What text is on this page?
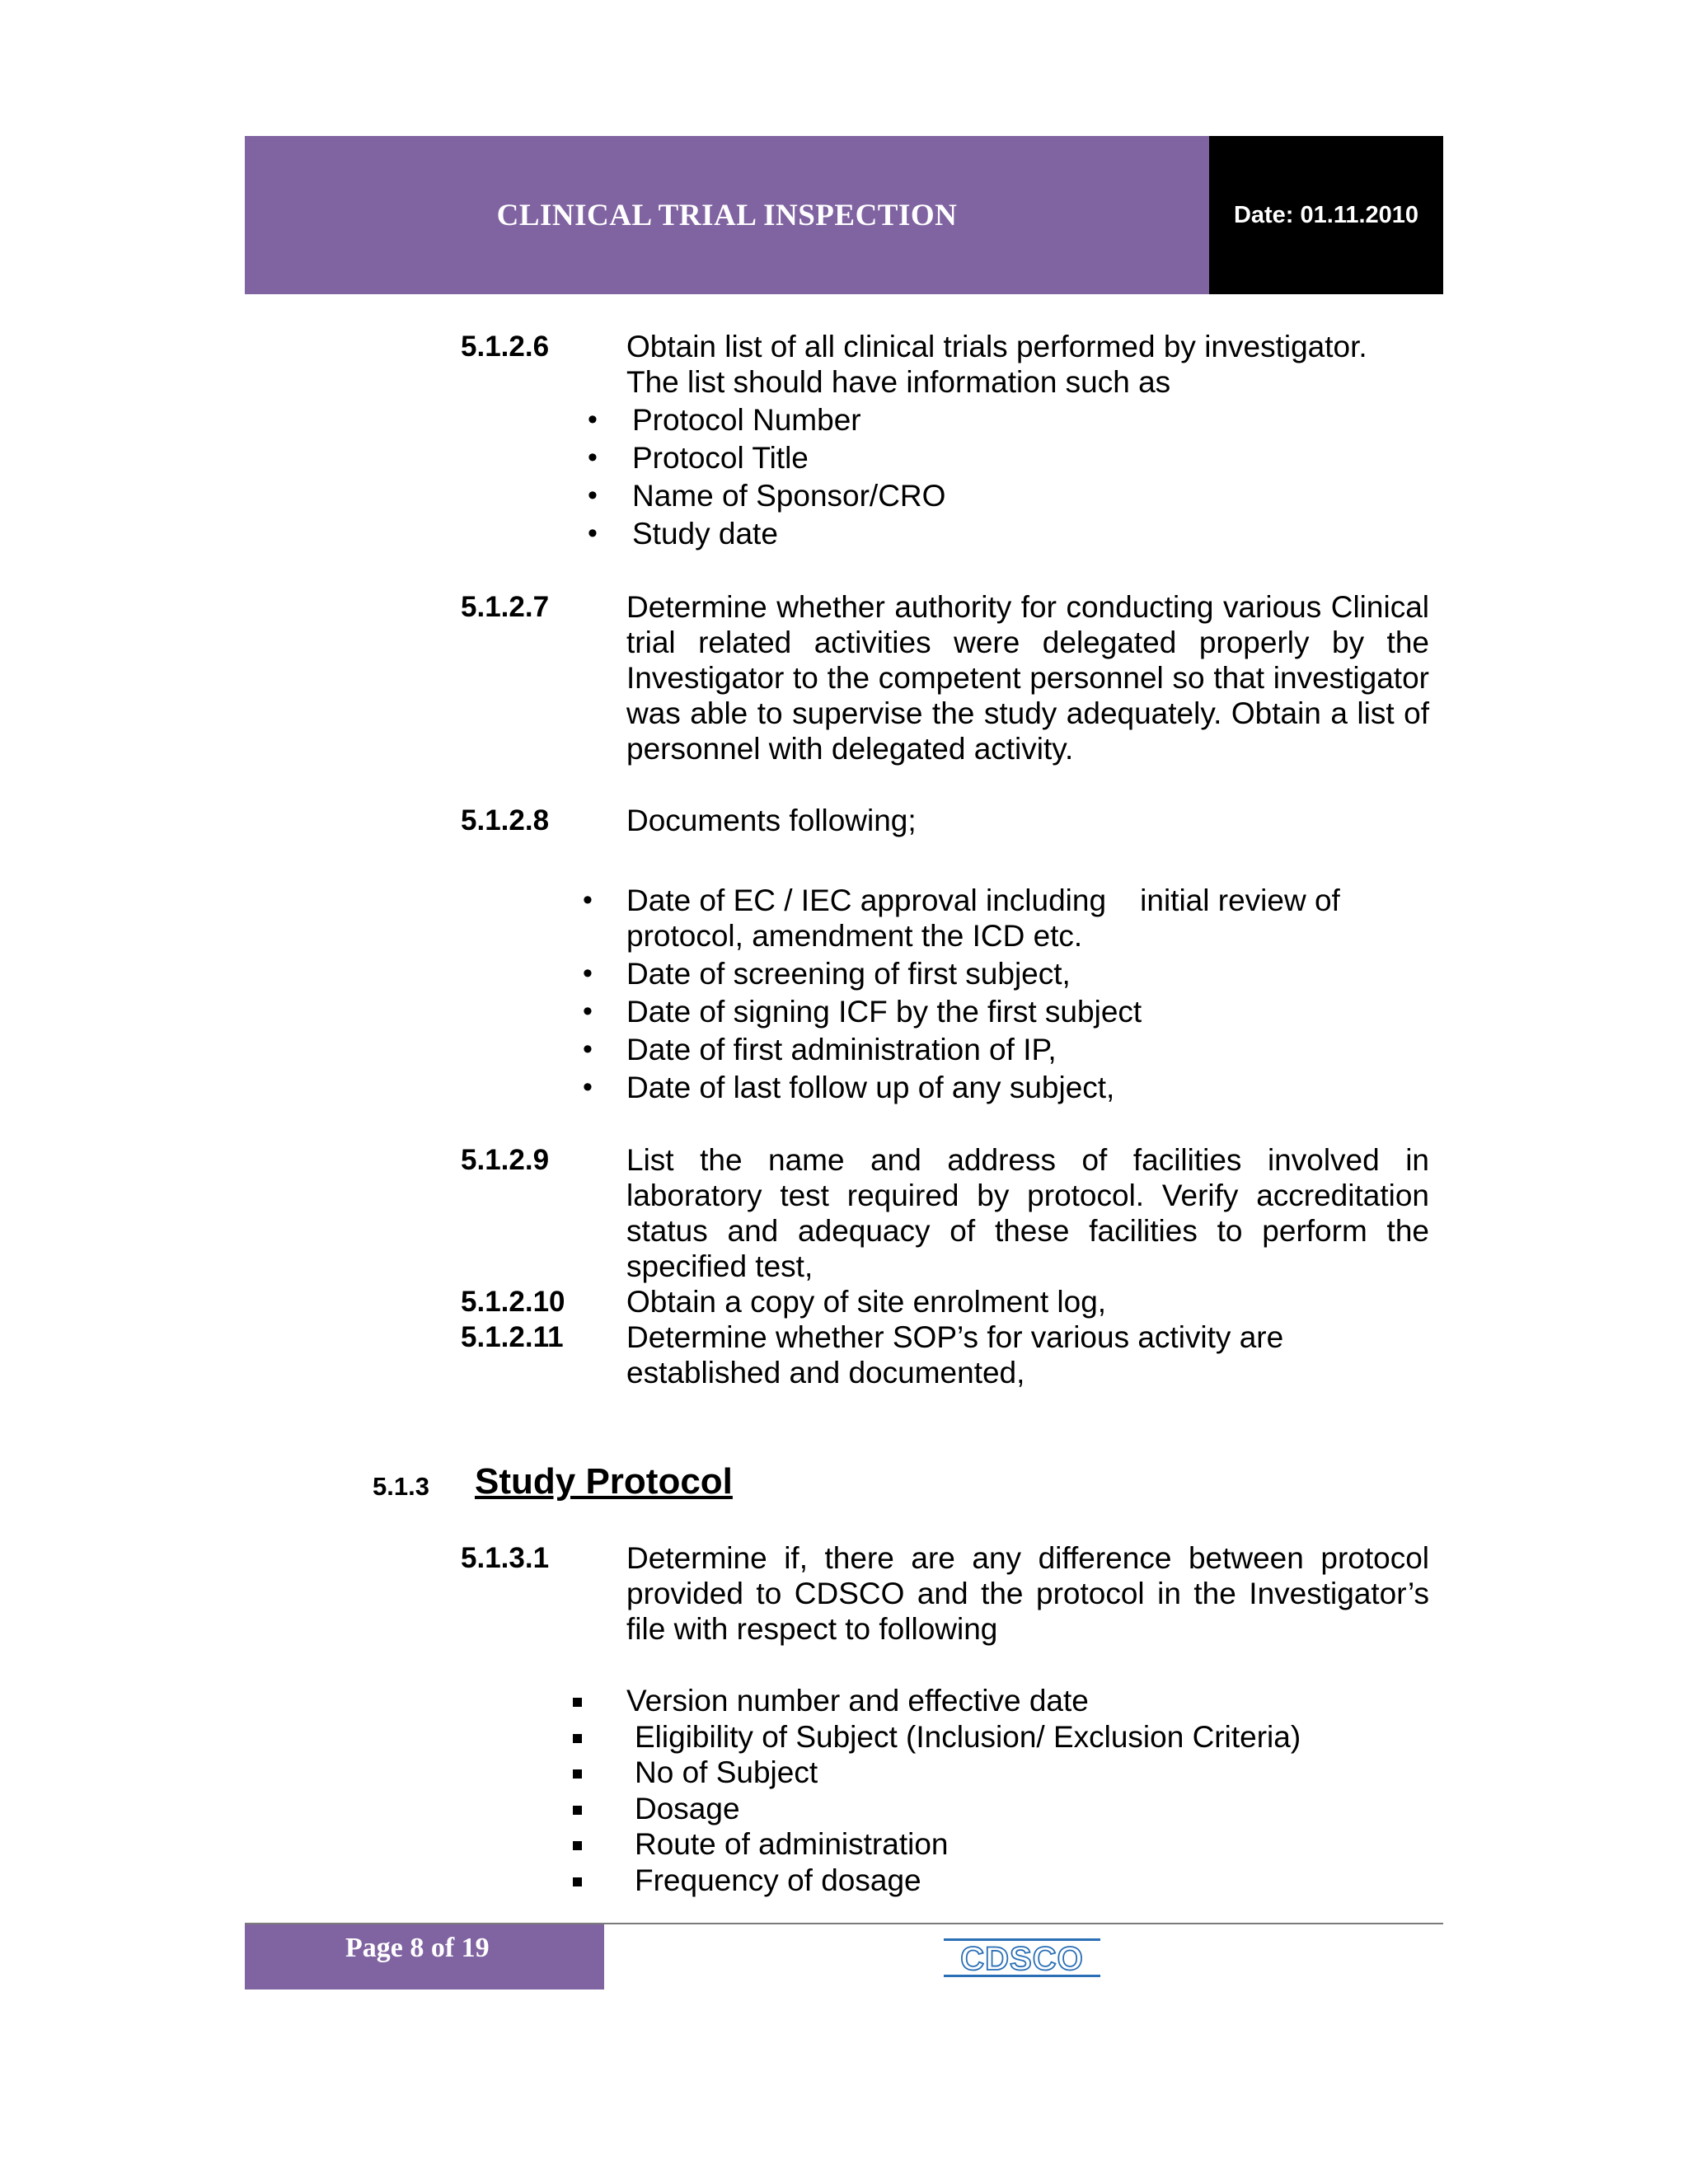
CLINICAL TRIAL INSPECTION	Date: 01.11.2010
5.1.2.6	Obtain list of all clinical trials performed by investigator.
The list should have information such as
• Protocol Number
• Protocol Title
• Name of Sponsor/CRO
• Study date
5.1.2.7	Determine whether authority for conducting various Clinical trial related activities were delegated properly by the Investigator to the competent personnel so that investigator was able to supervise the study adequately. Obtain a list of personnel with delegated activity.
5.1.2.8	Documents following;
• Date of EC / IEC approval including    initial review of
protocol, amendment the ICD etc.
• Date of screening of first subject,
• Date of signing ICF by the first subject
• Date of first administration of IP,
• Date of last follow up of any subject,
5.1.2.9	List the name and address of facilities involved in laboratory test required by protocol. Verify accreditation status and adequacy of these facilities to perform the specified test,
5.1.2.10 Obtain a copy of site enrolment log,
5.1.2.11 Determine whether SOP’s for various activity are
established and documented,
5.1.3 Study Protocol
5.1.3.1	Determine if, there are any difference between protocol provided to CDSCO and the protocol in the Investigator’s file with respect to following
Version number and effective date
Eligibility of Subject (Inclusion/ Exclusion Criteria)
No of Subject
Dosage
Route of administration
Frequency of dosage
Page 8 of 19	CDSCO
